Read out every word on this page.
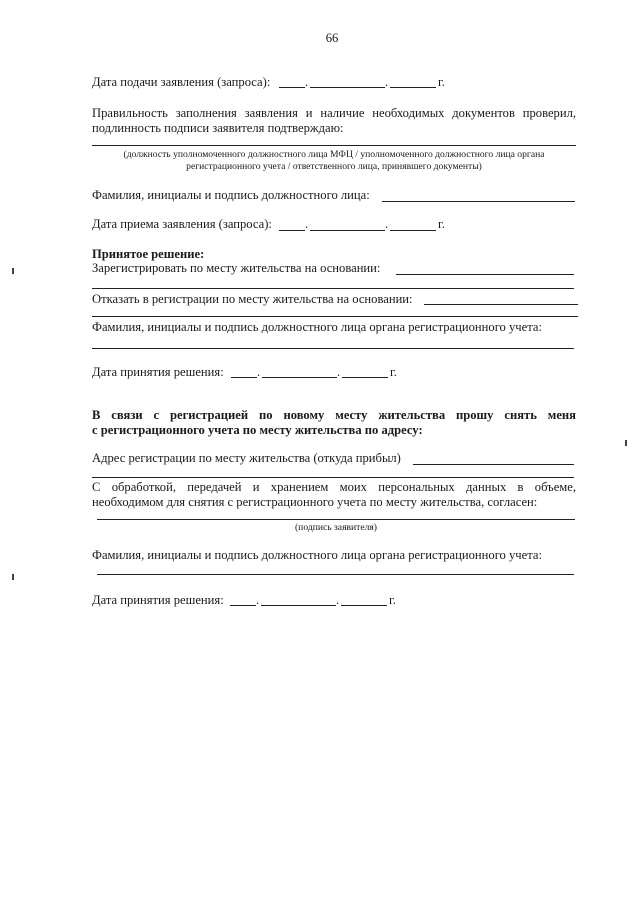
66
Дата подачи заявления (запроса):	.	.	г.
Правильность заполнения заявления и наличие необходимых документов проверил,
подлинность подписи заявителя подтверждаю:
(должность уполномоченного должностного лица МФЦ / уполномоченного должностного лица органа
регистрационного учета / ответственного лица, принявшего документы)
Фамилия, инициалы и подпись должностного лица:
Дата приема заявления (запроса):	.	.	г.
Принятое решение:
Зарегистрировать по месту жительства на основании:
Отказать в регистрации по месту жительства на основании:
Фамилия, инициалы и подпись должностного лица органа регистрационного учета:
Дата принятия решения:	.	.	г.
В связи с регистрацией по новому месту жительства прошу снять меня
с регистрационного учета по месту жительства по адресу:
Адрес регистрации по месту жительства (откуда прибыл)
С обработкой, передачей и хранением моих персональных данных в объеме,
необходимом для снятия с регистрационного учета по месту жительства, согласен:
(подпись заявителя)
Фамилия, инициалы и подпись должностного лица органа регистрационного учета:
Дата принятия решения:	.	.	г.
